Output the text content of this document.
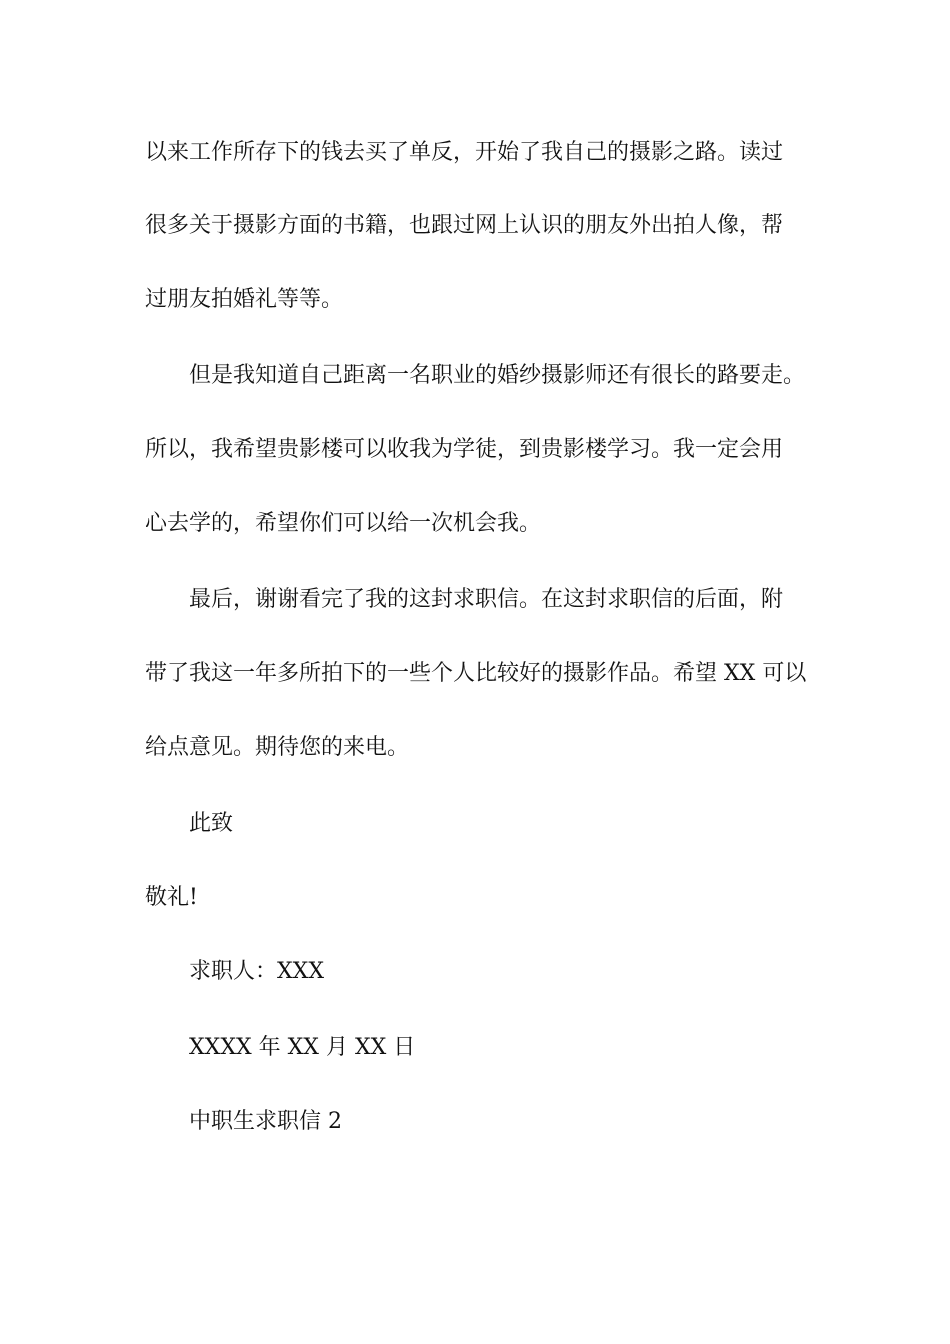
以来工作所存下的钱去买了单反，开始了我自己的摄影之路。读过
很多关于摄影方面的书籍，也跟过网上认识的朋友外出拍人像，帮
过朋友拍婚礼等等。
但是我知道自己距离一名职业的婚纱摄影师还有很长的路要走。
所以，我希望贵影楼可以收我为学徒，到贵影楼学习。我一定会用
心去学的，希望你们可以给一次机会我。
最后，谢谢看完了我的这封求职信。在这封求职信的后面，附
带了我这一年多所拍下的一些个人比较好的摄影作品。希望 XX 可以
给点意见。期待您的来电。
此致
敬礼!
求职人：XXX
XXXX 年 XX 月 XX 日
中职生求职信 2
